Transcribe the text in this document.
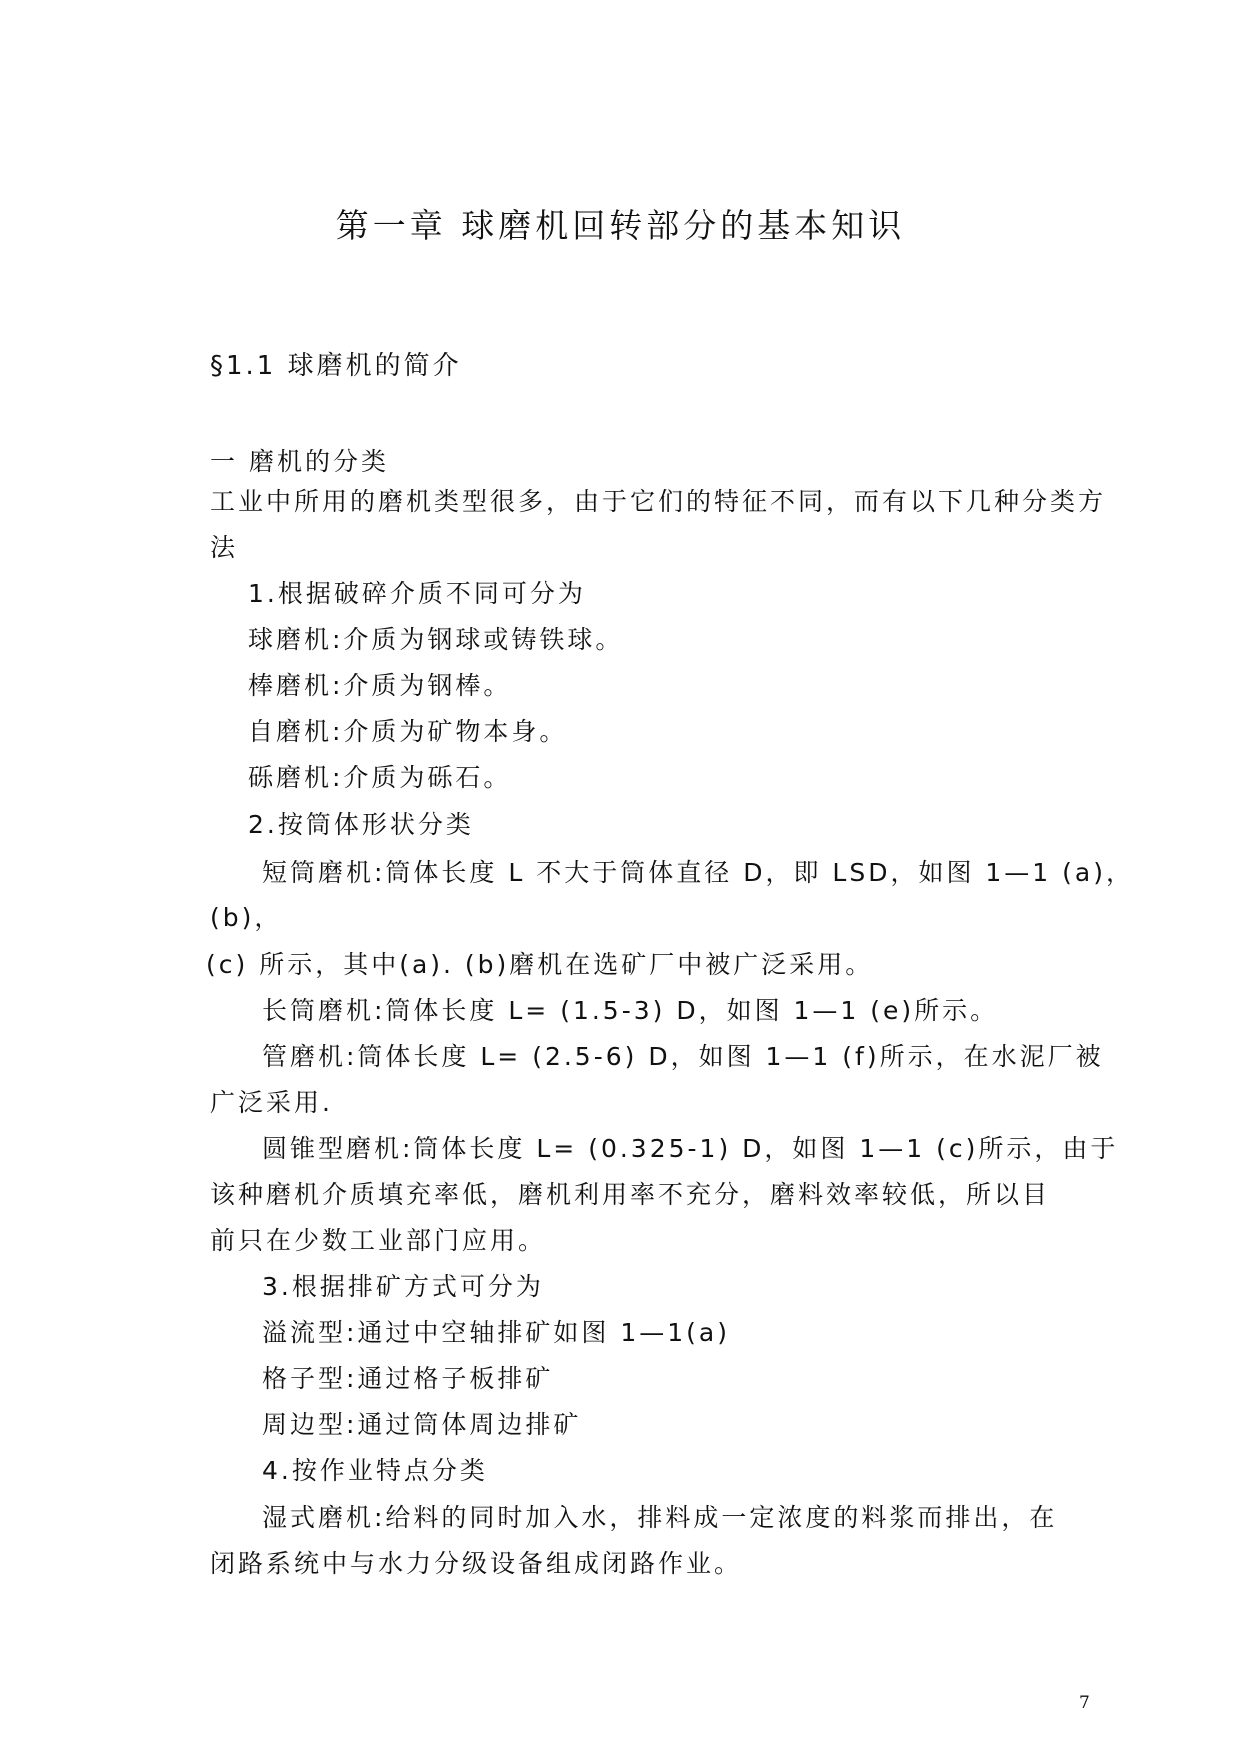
第一章 球磨机回转部分的基本知识
§1.1 球磨机的简介
一 磨机的分类
工业中所用的磨机类型很多，由于它们的特征不同，而有以下几种分类方
法
1.根据破碎介质不同可分为
球磨机:介质为钢球或铸铁球。
棒磨机:介质为钢棒。
自磨机:介质为矿物本身。
砾磨机:介质为砾石。
2.按筒体形状分类
短筒磨机:筒体长度 L 不大于筒体直径 D，即 LSD，如图 1—1 (a)，
(b)，
(c) 所示，其中(a). (b)磨机在选矿厂中被广泛采用。
长筒磨机:筒体长度 L= (1.5-3) D，如图 1—1 (e)所示。
管磨机:筒体长度 L= (2.5-6) D，如图 1—1 (f)所示，在水泥厂被
广泛采用.
圆锥型磨机:筒体长度 L= (0.325-1) D，如图 1—1 (c)所示，由于
该种磨机介质填充率低，磨机利用率不充分，磨料效率较低，所以目
前只在少数工业部门应用。
3.根据排矿方式可分为
溢流型:通过中空轴排矿如图 1—1(a)
格子型:通过格子板排矿
周边型:通过筒体周边排矿
4.按作业特点分类
湿式磨机:给料的同时加入水，排料成一定浓度的料浆而排出，在
闭路系统中与水力分级设备组成闭路作业。
7
